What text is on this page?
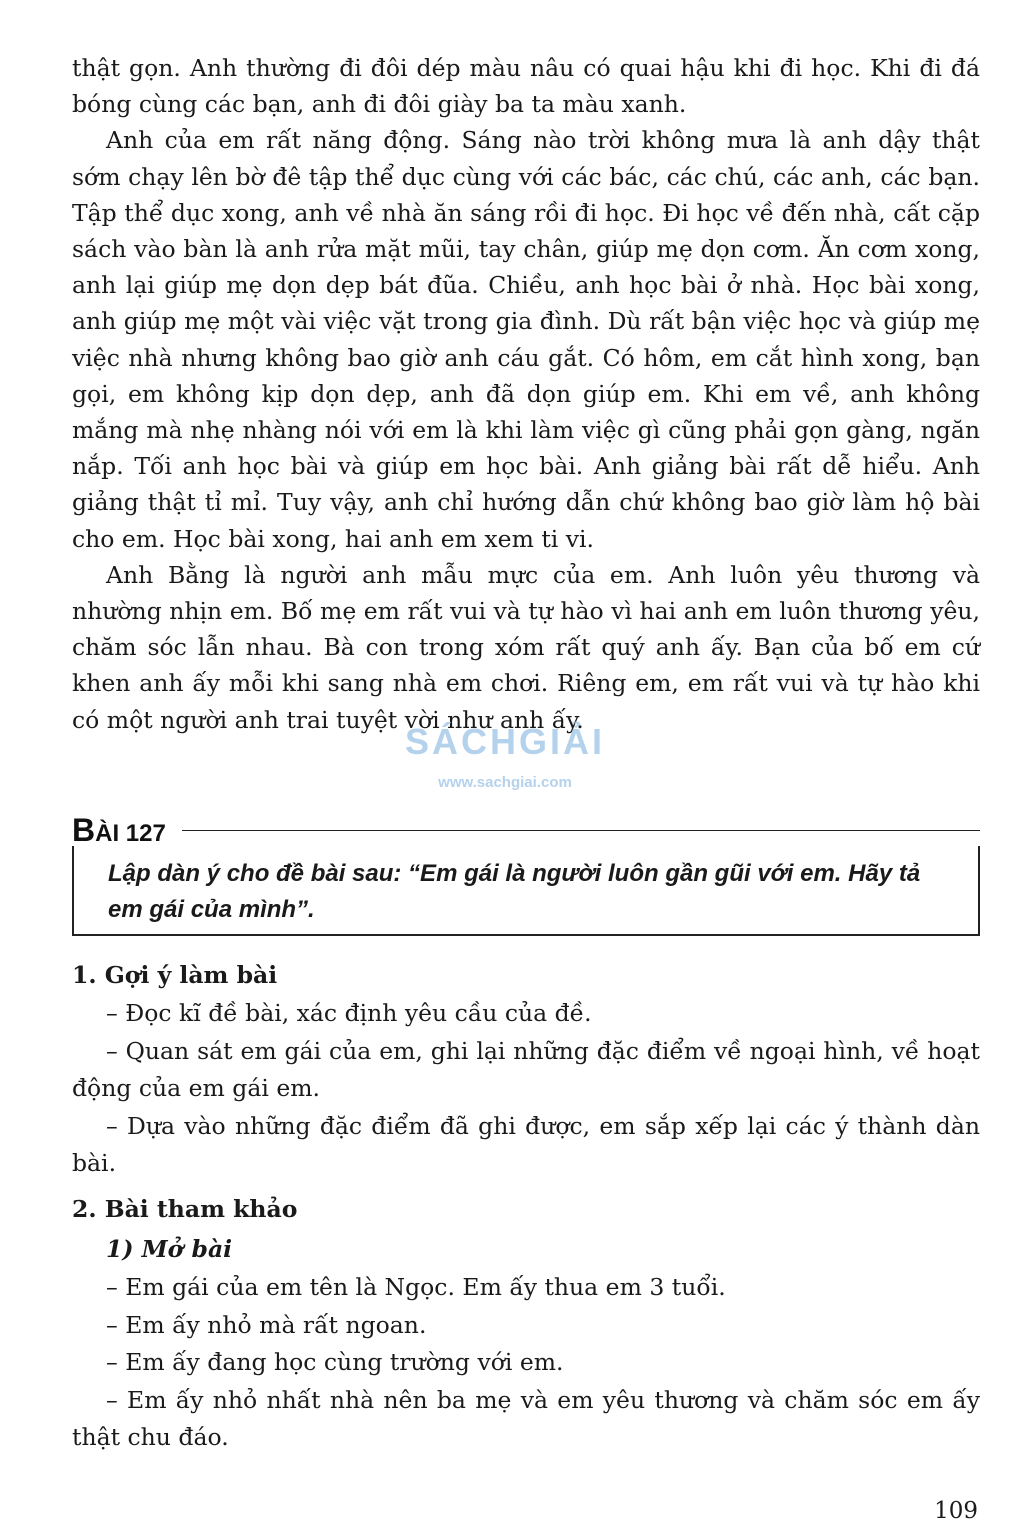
thật gọn. Anh thường đi đôi dép màu nâu có quai hậu khi đi học. Khi đi đá bóng cùng các bạn, anh đi đôi giày ba ta màu xanh.

Anh của em rất năng động. Sáng nào trời không mưa là anh dậy thật sớm chạy lên bờ đê tập thể dục cùng với các bác, các chú, các anh, các bạn. Tập thể dục xong, anh về nhà ăn sáng rồi đi học. Đi học về đến nhà, cất cặp sách vào bàn là anh rửa mặt mũi, tay chân, giúp mẹ dọn cơm. Ăn cơm xong, anh lại giúp mẹ dọn dẹp bát đũa. Chiều, anh học bài ở nhà. Học bài xong, anh giúp mẹ một vài việc vặt trong gia đình. Dù rất bận việc học và giúp mẹ việc nhà nhưng không bao giờ anh cáu gắt. Có hôm, em cắt hình xong, bạn gọi, em không kịp dọn dẹp, anh đã dọn giúp em. Khi em về, anh không mắng mà nhẹ nhàng nói với em là khi làm việc gì cũng phải gọn gàng, ngăn nắp. Tối anh học bài và giúp em học bài. Anh giảng bài rất dễ hiểu. Anh giảng thật tỉ mỉ. Tuy vậy, anh chỉ hướng dẫn chứ không bao giờ làm hộ bài cho em. Học bài xong, hai anh em xem ti vi.

Anh Bằng là người anh mẫu mực của em. Anh luôn yêu thương và nhường nhịn em. Bố mẹ em rất vui và tự hào vì hai anh em luôn thương yêu, chăm sóc lẫn nhau. Bà con trong xóm rất quý anh ấy. Bạn của bố em cứ khen anh ấy mỗi khi sang nhà em chơi. Riêng em, em rất vui và tự hào khi có một người anh trai tuyệt vời như anh ấy.

SÁCHGIẢI
www.sachgiai.com
BÀI 127
Lập dàn ý cho đề bài sau: “Em gái là người luôn gần gũi với em. Hãy tả em gái của mình”.

1. Gợi ý làm bài

– Đọc kĩ đề bài, xác định yêu cầu của đề.

– Quan sát em gái của em, ghi lại những đặc điểm về ngoại hình, về hoạt động của em gái em.

– Dựa vào những đặc điểm đã ghi được, em sắp xếp lại các ý thành dàn bài.

2. Bài tham khảo

1) Mở bài

– Em gái của em tên là Ngọc. Em ấy thua em 3 tuổi.

– Em ấy nhỏ mà rất ngoan.

– Em ấy đang học cùng trường với em.

– Em ấy nhỏ nhất nhà nên ba mẹ và em yêu thương và chăm sóc em ấy thật chu đáo.

109
